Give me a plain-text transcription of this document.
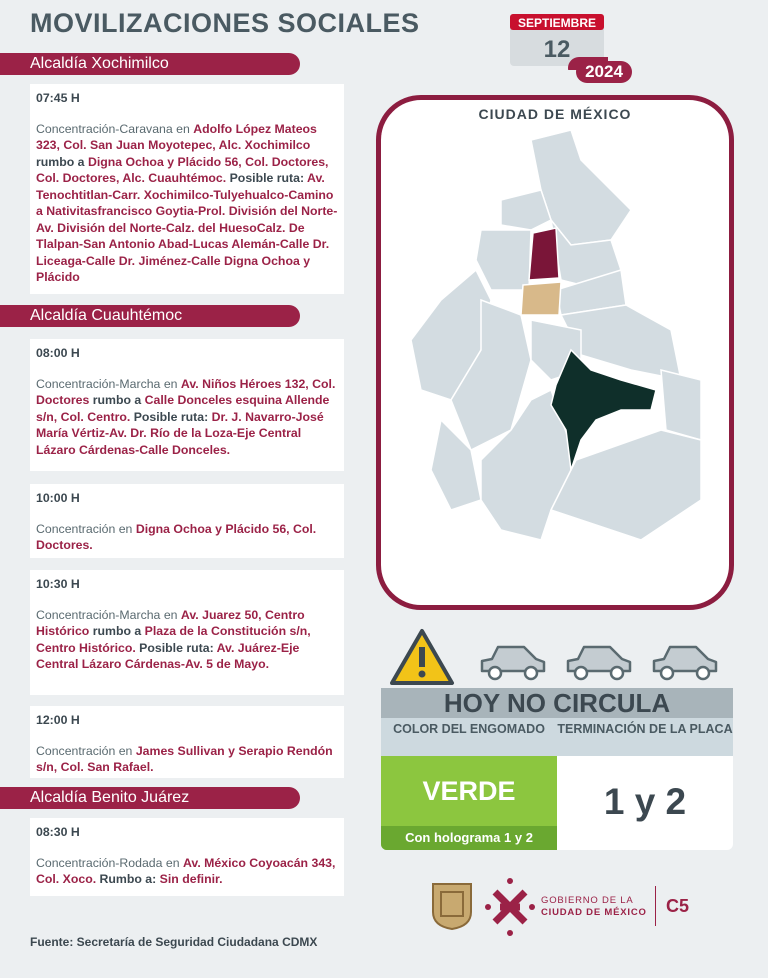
MOVILIZACIONES SOCIALES	SEPTIEMBRE
12
2024
Alcaldía Xochimilco
07:45 H
Concentración-Caravana en Adolfo López Mateos 323, Col. San Juan Moyotepec, Alc. Xochimilco rumbo a Digna Ochoa y Plácido 56, Col. Doctores, Col. Doctores, Alc. Cuauhtémoc. Posible ruta: Av. Tenochtitlan-Carr. Xochimilco-Tulyehualco-Camino a Nativitasfrancisco Goytia-Prol. División del Norte-Av. División del Norte-Calz. del HuesoCalz. De Tlalpan-San Antonio Abad-Lucas Alemán-Calle Dr. Liceaga-Calle Dr. Jiménez-Calle Digna Ochoa y Plácido
Alcaldía Cuauhtémoc
08:00 H
Concentración-Marcha en Av. Niños Héroes 132, Col. Doctores rumbo a Calle Donceles esquina Allende s/n, Col. Centro. Posible ruta: Dr. J. Navarro-José María Vértiz-Av. Dr. Río de la Loza-Eje Central Lázaro Cárdenas-Calle Donceles.
10:00 H
Concentración en Digna Ochoa y Plácido 56, Col. Doctores.
10:30 H
Concentración-Marcha en Av. Juarez 50, Centro Histórico rumbo a Plaza de la Constitución s/n, Centro Histórico. Posible ruta: Av. Juárez-Eje Central Lázaro Cárdenas-Av. 5 de Mayo.
12:00 H
Concentración en James Sullivan y Serapio Rendón s/n, Col. San Rafael.
Alcaldía Benito Juárez
08:30 H
Concentración-Rodada en Av. México Coyoacán 343, Col. Xoco. Rumbo a: Sin definir.
Fuente: Secretaría de Seguridad Ciudadana CDMX
CIUDAD DE MÉXICO
HOY NO CIRCULA
COLOR DEL ENGOMADO TERMINACIÓN DE LA PLACA
VERDE
Con holograma 1 y 2
1 y 2
GOBIERNO DE LA
CIUDAD DE MÉXICO C5
